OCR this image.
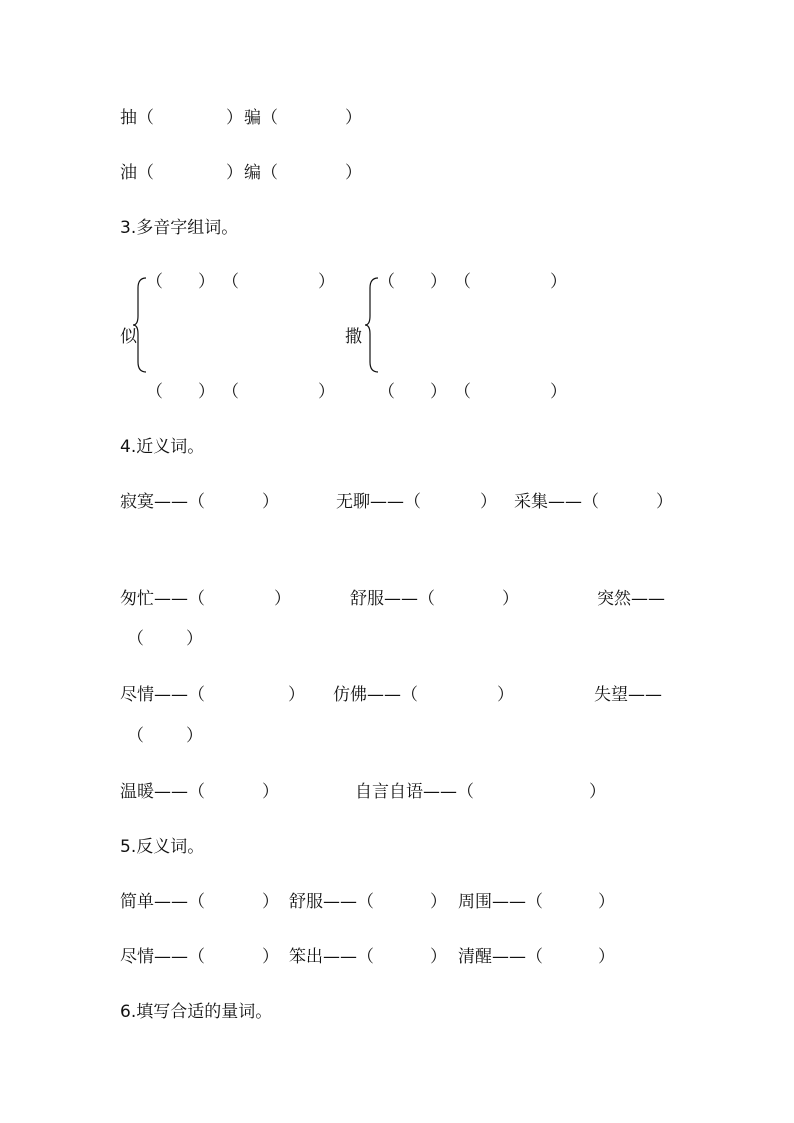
抽（	） 骗（	）
油（	） 编（	）
3.多音字组词。
（ ） （	）
似
（ ） （	）
（ ） （	）
撒
（ ） （	）
4.近义词。
寂寞——（	）	无聊——（	） 采集——（	）
匆忙——（	）	舒服——（	）	突然——
（ ）
尽情——（	） 仿佛——（	）	失望——
（ ）
温暖——（	）	自言自语——（	）
5.反义词。
简单——（	） 舒服——（	） 周围——（	）
尽情——（	） 笨出——（	） 清醒——（	）
6.填写合适的量词。
